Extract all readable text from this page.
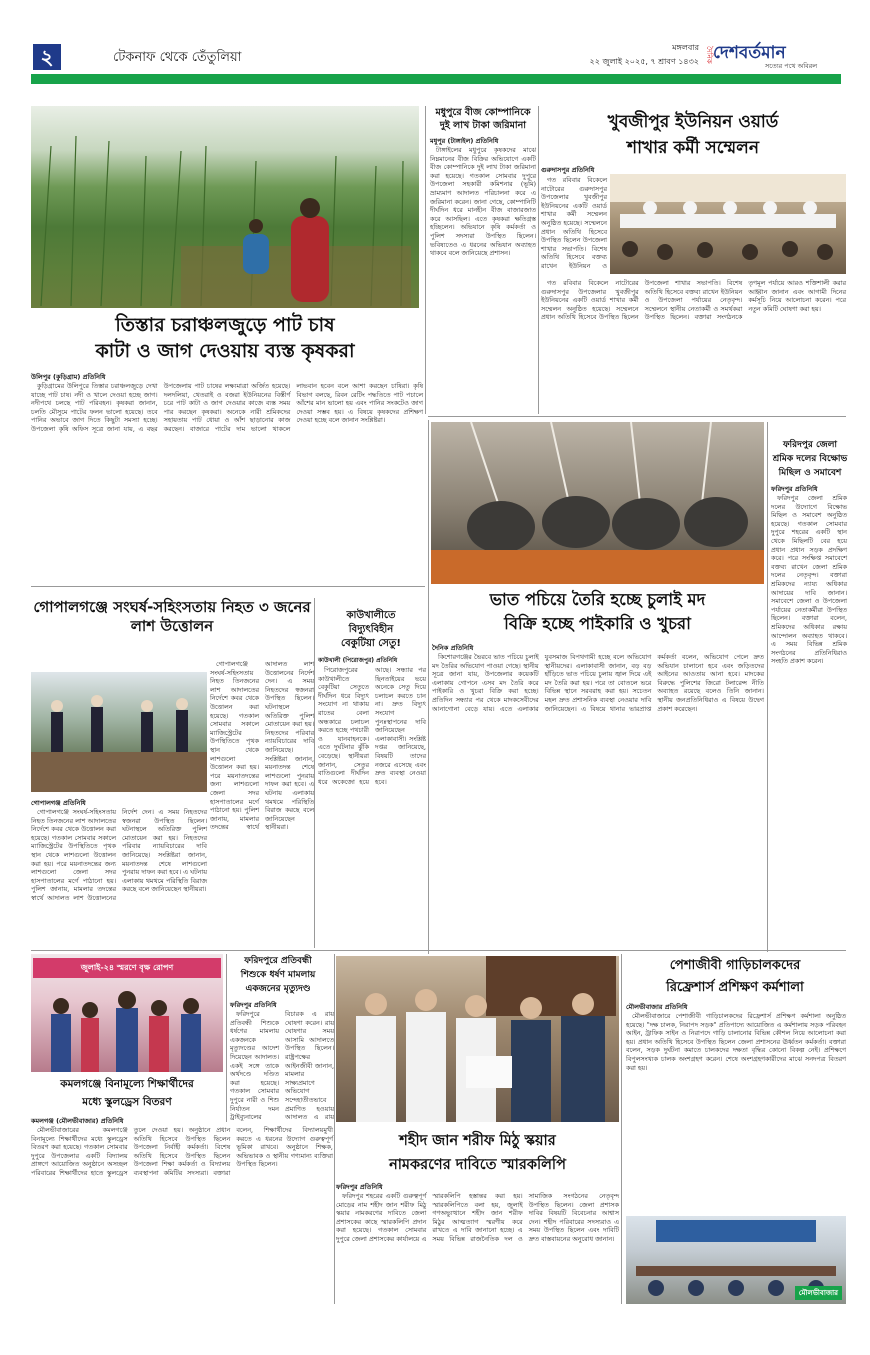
২	টেকনাফ থেকে তেঁতুলিয়া
মঙ্গলবার
২২ জুলাই ২০২৫, ৭ শ্রাবণ ১৪৩২ দৈনিক দেশবর্তমান
সত্যের পথে অবিরল
তিস্তার চরাঞ্চলজুড়ে পাট চাষ
কাটা ও জাগ দেওয়ায় ব্যস্ত কৃষকরা
উলিপুর (কুড়িগ্রাম) প্রতিনিধি

কুড়িগ্রামের উলিপুরে তিস্তার চরাঞ্চলজুড়ে দেখা যাচ্ছে পাট চাষ। নদী ও খালে দেওয়া হচ্ছে জাগ। নদীপথে চলছে পাট পরিবহন। কৃষকরা জানান, চলতি মৌসুমে পাটের ফলন ভালো হয়েছে। তবে পানির অভাবে জাগ দিতে কিছুটা সমস্যা হচ্ছে। উপজেলা কৃষি অফিস সূত্রে জানা যায়, এ বছর উপজেলায় পাট চাষের লক্ষ্যমাত্রা অর্জিত হয়েছে। দলদলিয়া, থেতরাই ও বজরা ইউনিয়নের বিস্তীর্ণ চরে পাট কাটা ও জাগ দেওয়ার কাজে ব্যস্ত সময় পার করছেন কৃষকরা। অনেকে নারী শ্রমিকদের সহায়তায় পাট ধোয়া ও আঁশ ছাড়ানোর কাজ করছেন। বাজারে পাটের দাম ভালো থাকলে লাভবান হবেন বলে আশা করছেন চাষিরা। কৃষি বিভাগ বলছে, রিবন রেটিং পদ্ধতিতে পাট পচালে আঁশের মান ভালো হয় এবং পানির সংকটেও জাগ দেওয়া সম্ভব হয়। এ বিষয়ে কৃষকদের প্রশিক্ষণ দেওয়া হচ্ছে বলে জানান সংশ্লিষ্টরা।

মধুপুরে বীজ কোম্পানিকে
দুই লাখ টাকা জরিমানা
মধুপুর (টাঙ্গাইল) প্রতিনিধি

টাঙ্গাইলের মধুপুরে কৃষকদের মাঝে নিম্নমানের বীজ বিক্রির অভিযোগে একটি বীজ কোম্পানিকে দুই লাখ টাকা জরিমানা করা হয়েছে। গতকাল সোমবার দুপুরে উপজেলা সহকারী কমিশনার (ভূমি) ভ্রাম্যমাণ আদালত পরিচালনা করে এ জরিমানা করেন। জানা গেছে, কোম্পানিটি দীর্ঘদিন ধরে মানহীন বীজ বাজারজাত করে আসছিল। এতে কৃষকরা ক্ষতিগ্রস্ত হচ্ছিলেন। অভিযানে কৃষি কর্মকর্তা ও পুলিশ সদস্যরা উপস্থিত ছিলেন। ভবিষ্যতেও এ ধরনের অভিযান অব্যাহত থাকবে বলে জানিয়েছে প্রশাসন।

খুবজীপুর ইউনিয়ন ওয়ার্ড
শাখার কর্মী সম্মেলন
গুরুদাসপুর প্রতিনিধি

গত রবিবার বিকেলে নাটোরের গুরুদাসপুর উপজেলার খুবজীপুর ইউনিয়নের একটি ওয়ার্ড শাখার কর্মী সম্মেলন অনুষ্ঠিত হয়েছে। সম্মেলনে প্রধান অতিথি হিসেবে উপস্থিত ছিলেন উপজেলা শাখার সভাপতি। বিশেষ অতিথি হিসেবে বক্তব্য রাখেন ইউনিয়ন ও

গত রবিবার বিকেলে নাটোরের গুরুদাসপুর উপজেলার খুবজীপুর ইউনিয়নের একটি ওয়ার্ড শাখার কর্মী সম্মেলন অনুষ্ঠিত হয়েছে। সম্মেলনে প্রধান অতিথি হিসেবে উপস্থিত ছিলেন উপজেলা শাখার সভাপতি। বিশেষ অতিথি হিসেবে বক্তব্য রাখেন ইউনিয়ন ও উপজেলা পর্যায়ের নেতৃবৃন্দ। সম্মেলনে স্থানীয় নেতাকর্মী ও সমর্থকরা উপস্থিত ছিলেন। বক্তারা সংগঠনকে তৃণমূল পর্যায়ে আরও শক্তিশালী করার আহ্বান জানান এবং আগামী দিনের কর্মসূচি নিয়ে আলোচনা করেন। পরে নতুন কমিটি ঘোষণা করা হয়।

ভাত পচিয়ে তৈরি হচ্ছে চুলাই মদ
বিক্রি হচ্ছে পাইকারি ও খুচরা
দৈনিক প্রতিনিধি

কিশোরগঞ্জের ভৈরবে ভাত পচিয়ে চুলাই মদ তৈরির অভিযোগ পাওয়া গেছে। স্থানীয় সূত্রে জানা যায়, উপজেলার কয়েকটি এলাকায় গোপনে এসব মদ তৈরি করে পাইকারি ও খুচরা বিক্রি করা হচ্ছে। প্রতিদিন সন্ধ্যার পর থেকে মাদকসেবীদের আনাগোনা বেড়ে যায়। এতে এলাকার যুবসমাজ বিপথগামী হচ্ছে বলে অভিযোগ স্থানীয়দের। এলাকাবাসী জানান, বড় বড় হাঁড়িতে ভাত পচিয়ে চুলায় জ্বাল দিয়ে এই মদ তৈরি করা হয়। পরে তা বোতলে ভরে বিভিন্ন স্থানে সরবরাহ করা হয়। সচেতন মহল দ্রুত প্রশাসনিক ব্যবস্থা নেওয়ার দাবি জানিয়েছেন। এ বিষয়ে থানার ভারপ্রাপ্ত কর্মকর্তা বলেন, অভিযোগ পেলে দ্রুত অভিযান চালানো হবে এবং জড়িতদের আইনের আওতায় আনা হবে। মাদকের বিরুদ্ধে পুলিশের জিরো টলারেন্স নীতি অব্যাহত রয়েছে বলেও তিনি জানান। স্থানীয় জনপ্রতিনিধিরাও এ বিষয়ে উদ্বেগ প্রকাশ করেছেন।

ফরিদপুর জেলা
শ্রমিক দলের বিক্ষোভ
মিছিল ও সমাবেশ
ফরিদপুর প্রতিনিধি

ফরিদপুর জেলা শ্রমিক দলের উদ্যোগে বিক্ষোভ মিছিল ও সমাবেশ অনুষ্ঠিত হয়েছে। গতকাল সোমবার দুপুরে শহরের একটি স্থান থেকে মিছিলটি বের হয়ে প্রধান প্রধান সড়ক প্রদক্ষিণ করে। পরে সংক্ষিপ্ত সমাবেশে বক্তব্য রাখেন জেলা শ্রমিক দলের নেতৃবৃন্দ। বক্তারা শ্রমিকদের ন্যায্য অধিকার আদায়ের দাবি জানান। সমাবেশে জেলা ও উপজেলা পর্যায়ের নেতাকর্মীরা উপস্থিত ছিলেন। বক্তারা বলেন, শ্রমিকদের অধিকার রক্ষায় আন্দোলন অব্যাহত থাকবে। এ সময় বিভিন্ন শ্রমিক সংগঠনের প্রতিনিধিরাও সংহতি প্রকাশ করেন।

গোপালগঞ্জে সংঘর্ষ-সহিংসতায় নিহত ৩ জনের লাশ উত্তোলন
গোপালগঞ্জ প্রতিনিধি

গোপালগঞ্জে সংঘর্ষ-সহিংসতায় নিহত তিনজনের লাশ আদালতের নির্দেশে কবর থেকে উত্তোলন করা হয়েছে। গতকাল সোমবার সকালে ম্যাজিস্ট্রেটের উপস্থিতিতে পৃথক স্থান থেকে লাশগুলো উত্তোলন করা হয়। পরে ময়নাতদন্তের জন্য লাশগুলো জেলা সদর হাসপাতালের মর্গে পাঠানো হয়। পুলিশ জানায়, মামলার তদন্তের স্বার্থে আদালত লাশ উত্তোলনের নির্দেশ দেন। এ সময় নিহতদের স্বজনরা উপস্থিত ছিলেন। ঘটনাস্থলে অতিরিক্ত পুলিশ মোতায়েন করা হয়। নিহতদের পরিবার ন্যায়বিচারের দাবি জানিয়েছে। সংশ্লিষ্টরা জানান, ময়নাতদন্ত শেষে লাশগুলো পুনরায় দাফন করা হবে। এ ঘটনায় এলাকায় থমথমে পরিস্থিতি বিরাজ করছে বলে জানিয়েছেন স্থানীয়রা।

গোপালগঞ্জে সংঘর্ষ-সহিংসতায় নিহত তিনজনের লাশ আদালতের নির্দেশে কবর থেকে উত্তোলন করা হয়েছে। গতকাল সোমবার সকালে ম্যাজিস্ট্রেটের উপস্থিতিতে পৃথক স্থান থেকে লাশগুলো উত্তোলন করা হয়। পরে ময়নাতদন্তের জন্য লাশগুলো জেলা সদর হাসপাতালের মর্গে পাঠানো হয়। পুলিশ জানায়, মামলার তদন্তের স্বার্থে আদালত লাশ উত্তোলনের নির্দেশ দেন। এ সময় নিহতদের স্বজনরা উপস্থিত ছিলেন। ঘটনাস্থলে অতিরিক্ত পুলিশ মোতায়েন করা হয়। নিহতদের পরিবার ন্যায়বিচারের দাবি জানিয়েছে। সংশ্লিষ্টরা জানান, ময়নাতদন্ত শেষে লাশগুলো পুনরায় দাফন করা হবে। এ ঘটনায় এলাকায় থমথমে পরিস্থিতি বিরাজ করছে বলে জানিয়েছেন স্থানীয়রা।

কাউখালীতে
বিদ্যুৎবিহীন
বেকুটিয়া সেতু!
কাউখালী (পিরোজপুর) প্রতিনিধি

পিরোজপুরের কাউখালীতে বেকুটিয়া সেতুতে দীর্ঘদিন ধরে বিদ্যুৎ সংযোগ না থাকায় রাতের বেলা অন্ধকারে চলাচল করতে হচ্ছে পথচারী ও যানবাহনকে। এতে দুর্ঘটনার ঝুঁকি বেড়েছে। স্থানীয়রা জানান, সেতুর বাতিগুলো দীর্ঘদিন ধরে অকেজো হয়ে আছে। সন্ধ্যার পর ছিনতাইয়ের ভয়ে অনেকে সেতু দিয়ে চলাচল করতে চান না। দ্রুত বিদ্যুৎ সংযোগ পুনঃস্থাপনের দাবি জানিয়েছেন এলাকাবাসী। সংশ্লিষ্ট দপ্তর জানিয়েছে, বিষয়টি তাদের নজরে এসেছে এবং দ্রুত ব্যবস্থা নেওয়া হবে।

জুলাই-২৪ স্মরণে বৃক্ষ রোপণ
কমলগঞ্জে বিনামূল্যে শিক্ষার্থীদের
মধ্যে স্কুলড্রেস বিতরণ
কমলগঞ্জ (মৌলভীবাজার) প্রতিনিধি

মৌলভীবাজারের কমলগঞ্জে বিনামূল্যে শিক্ষার্থীদের মধ্যে স্কুলড্রেস বিতরণ করা হয়েছে। গতকাল সোমবার দুপুরে উপজেলার একটি বিদ্যালয় প্রাঙ্গণে আয়োজিত অনুষ্ঠানে অসচ্ছল পরিবারের শিক্ষার্থীদের হাতে স্কুলড্রেস তুলে দেওয়া হয়। অনুষ্ঠানে প্রধান অতিথি হিসেবে উপস্থিত ছিলেন উপজেলা নির্বাহী কর্মকর্তা। বিশেষ অতিথি হিসেবে উপস্থিত ছিলেন উপজেলা শিক্ষা কর্মকর্তা ও বিদ্যালয় ব্যবস্থাপনা কমিটির সদস্যরা। বক্তারা বলেন, শিক্ষার্থীদের বিদ্যালয়মুখী করতে এ ধরনের উদ্যোগ গুরুত্বপূর্ণ ভূমিকা রাখবে। অনুষ্ঠানে শিক্ষক, অভিভাবক ও স্থানীয় গণ্যমান্য ব্যক্তিরা উপস্থিত ছিলেন।

ফরিদপুরে প্রতিবন্ধী
শিশুকে ধর্ষণ মামলায়
একজনের মৃত্যুদণ্ড
ফরিদপুর প্রতিনিধি

ফরিদপুরে প্রতিবন্ধী শিশুকে ধর্ষণের মামলায় একজনকে মৃত্যুদণ্ডের আদেশ দিয়েছেন আদালত। একই সঙ্গে তাকে অর্থদণ্ডে দণ্ডিত করা হয়েছে। গতকাল সোমবার দুপুরে নারী ও শিশু নির্যাতন দমন ট্রাইব্যুনালের বিচারক এ রায় ঘোষণা করেন। রায় ঘোষণার সময় আসামি আদালতে উপস্থিত ছিলেন। রাষ্ট্রপক্ষের আইনজীবী জানান, মামলার সাক্ষ্যপ্রমাণে অভিযোগ সন্দেহাতীতভাবে প্রমাণিত হওয়ায় আদালত এ রায়

শহীদ জান শরীফ মিঠু স্কয়ার
নামকরণের দাবিতে স্মারকলিপি
ফরিদপুর প্রতিনিধি

ফরিদপুর শহরের একটি গুরুত্বপূর্ণ মোড়ের নাম শহীদ জান শরীফ মিঠু স্কয়ার নামকরণের দাবিতে জেলা প্রশাসকের কাছে স্মারকলিপি প্রদান করা হয়েছে। গতকাল সোমবার দুপুরে জেলা প্রশাসকের কার্যালয়ে এ স্মারকলিপি হস্তান্তর করা হয়। স্মারকলিপিতে বলা হয়, জুলাই গণঅভ্যুত্থানে শহীদ জান শরীফ মিঠুর আত্মত্যাগ স্মরণীয় করে রাখতে এ দাবি জানানো হচ্ছে। এ সময় বিভিন্ন রাজনৈতিক দল ও সামাজিক সংগঠনের নেতৃবৃন্দ উপস্থিত ছিলেন। জেলা প্রশাসক দাবির বিষয়টি বিবেচনার আশ্বাস দেন। শহীদ পরিবারের সদস্যরাও এ সময় উপস্থিত ছিলেন এবং দাবিটি দ্রুত বাস্তবায়নের অনুরোধ জানান।

পেশাজীবী গাড়িচালকদের
রিফ্রেশার্স প্রশিক্ষণ কর্মশালা
মৌলভীবাজার প্রতিনিধি

মৌলভীবাজারে পেশাজীবী গাড়িচালকদের রিফ্রেশার্স প্রশিক্ষণ কর্মশালা অনুষ্ঠিত হয়েছে। "দক্ষ চালক, নিরাপদ সড়ক" প্রতিপাদ্যে আয়োজিত এ কর্মশালায় সড়ক পরিবহন আইন, ট্রাফিক সাইন ও নিরাপদে গাড়ি চালানোর বিভিন্ন কৌশল নিয়ে আলোচনা করা হয়। প্রধান অতিথি হিসেবে উপস্থিত ছিলেন জেলা প্রশাসনের ঊর্ধ্বতন কর্মকর্তা। বক্তারা বলেন, সড়ক দুর্ঘটনা কমাতে চালকদের দক্ষতা বৃদ্ধির কোনো বিকল্প নেই। প্রশিক্ষণে বিপুলসংখ্যক চালক অংশগ্রহণ করেন। শেষে অংশগ্রহণকারীদের মাঝে সনদপত্র বিতরণ করা হয়।

মৌলভীবাজার
